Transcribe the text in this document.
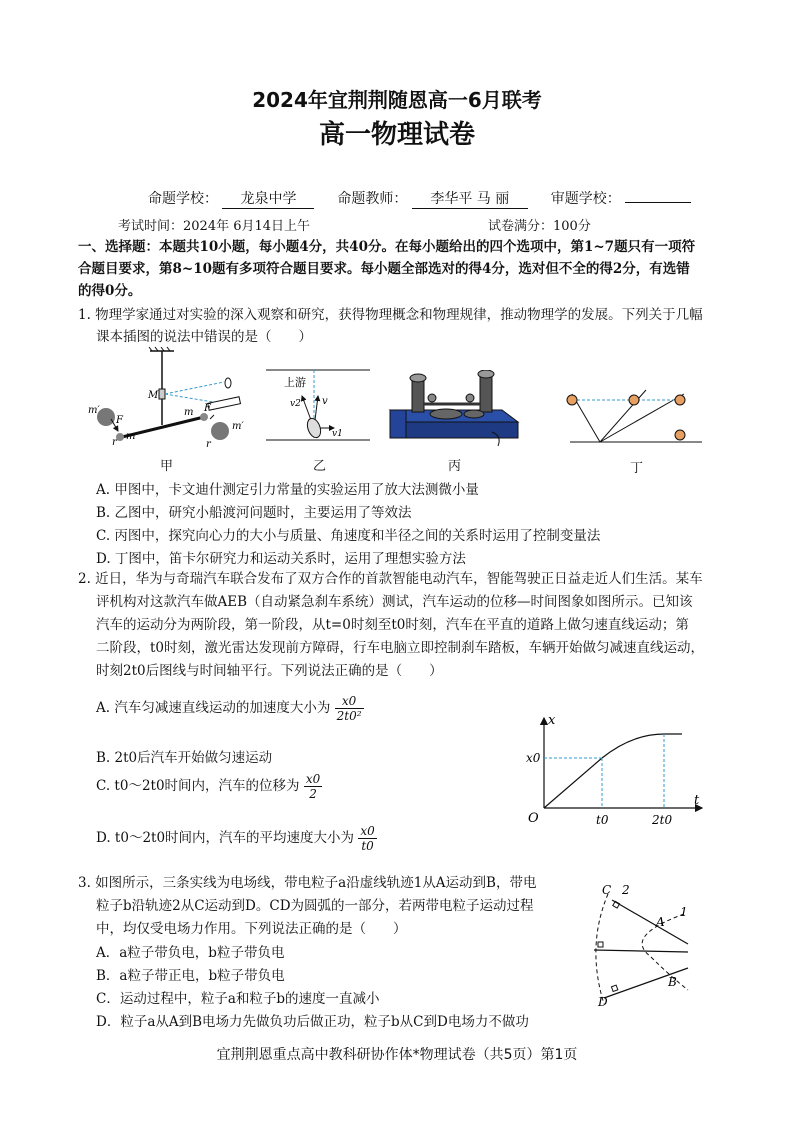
2024年宜荆荆随恩高一6月联考
高一物理试卷
命题学校： 龙泉中学	命题教师： 李华平 马 丽	审题学校：
考试时间：2024年 6月14日上午	试卷满分：100分
一、选择题：本题共10小题，每小题4分，共40分。在每小题给出的四个选项中，第1~7题只有一项符
合题目要求，第8~10题有多项符合题目要求。每小题全部选对的得4分，选对但不全的得2分，有选错
的得0分。
1. 物理学家通过对实验的深入观察和研究，获得物理概念和物理规律，推动物理学的发展。下列关于几幅
课本插图的说法中错误的是（　　）
m′
F
m
M
m F
m′
r	r
甲
上游
v2 v
v1
乙	丙	丁
A. 甲图中，卡文迪什测定引力常量的实验运用了放大法测微小量
B. 乙图中，研究小船渡河问题时，主要运用了等效法
C. 丙图中，探究向心力的大小与质量、角速度和半径之间的关系时运用了控制变量法
D. 丁图中，笛卡尔研究力和运动关系时，运用了理想实验方法
2. 近日，华为与奇瑞汽车联合发布了双方合作的首款智能电动汽车，智能驾驶正日益走近人们生活。某车
评机构对这款汽车做AEB（自动紧急刹车系统）测试，汽车运动的位移—时间图象如图所示。已知该
汽车的运动分为两阶段，第一阶段，从t=0时刻至t0时刻，汽车在平直的道路上做匀速直线运动；第
二阶段，t0时刻，激光雷达发现前方障碍，行车电脑立即控制刹车踏板，车辆开始做匀减速直线运动，
时刻2t0后图线与时间轴平行。下列说法正确的是（　　）
A. 汽车匀减速直线运动的加速度大小为 $\frac{x0}{\text{2t0²}}$
B. 2t0后汽车开始做匀速运动
C. t0～2t0时间内，汽车的位移为 $\frac{x0}{2}$
D. t0～2t0时间内，汽车的平均速度大小为 $\frac{x0}{t0}$
x
t
O
x0
t0	2t0
3. 如图所示，三条实线为电场线，带电粒子a沿虚线轨迹1从A运动到B，带电
粒子b沿轨迹2从C运动到D。CD为圆弧的一部分，若两带电粒子运动过程
中，均仅受电场力作用。下列说法正确的是（　　）
A．a粒子带负电，b粒子带负电
B．a粒子带正电，b粒子带负电
C．运动过程中，粒子a和粒子b的速度一直减小
D．粒子a从A到B电场力先做负功后做正功，粒子b从C到D电场力不做功
C 2
A
1
B
D
宜荆荆恩重点高中教科研协作体*物理试卷（共5页）第1页
